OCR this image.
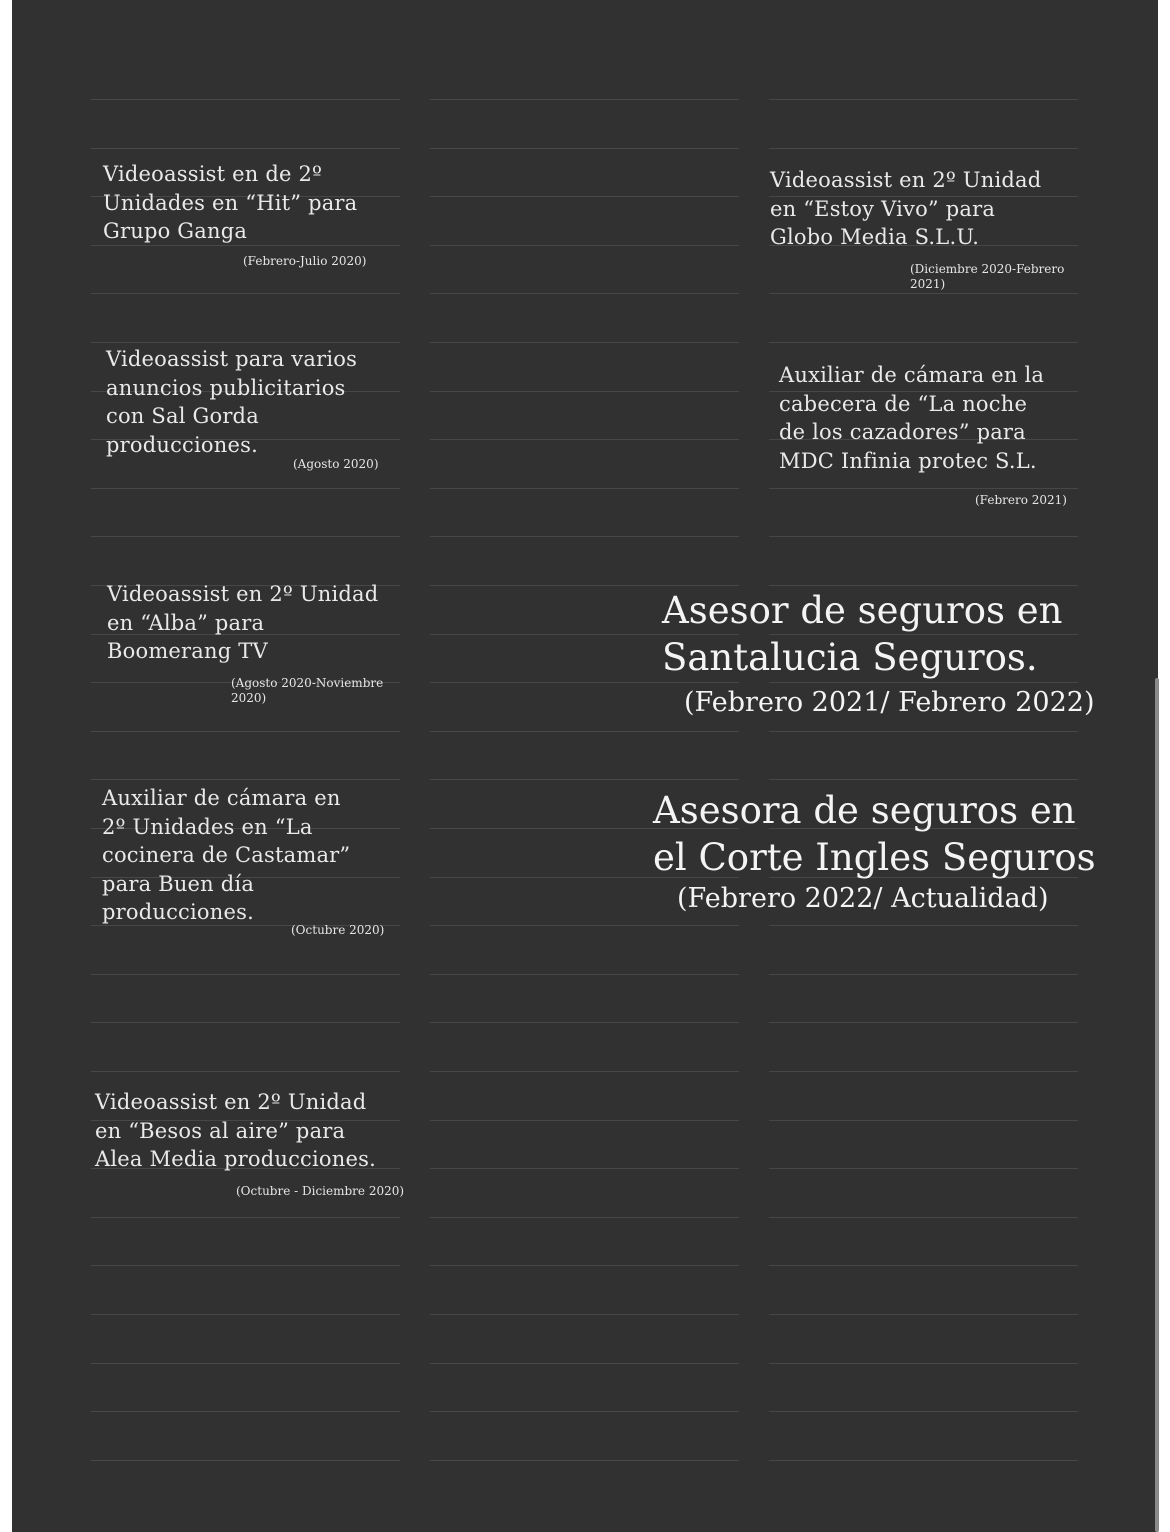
Videoassist en de 2º
Unidades en “Hit” para
Grupo Ganga

(Febrero-Julio 2020)

Videoassist en 2º Unidad
en “Estoy Vivo” para
Globo Media S.L.U.

(Diciembre 2020-Febrero
2021)

Videoassist para varios
anuncios publicitarios
con Sal Gorda
producciones.

(Agosto 2020)

Auxiliar de cámara en la
cabecera de “La noche
de los cazadores” para
MDC Infinia protec S.L.

(Febrero 2021)

Videoassist en 2º Unidad
en “Alba” para
Boomerang TV

(Agosto 2020-Noviembre
2020)

Auxiliar de cámara en
2º Unidades en “La
cocinera de Castamar”
para Buen día
producciones.

(Octubre 2020)

Videoassist en 2º Unidad
en “Besos al aire” para
Alea Media producciones.

(Octubre - Diciembre 2020)

Asesor de seguros en
Santalucia Seguros.

(Febrero 2021/ Febrero 2022)

Asesora de seguros en
el Corte Ingles Seguros

(Febrero 2022/ Actualidad)
